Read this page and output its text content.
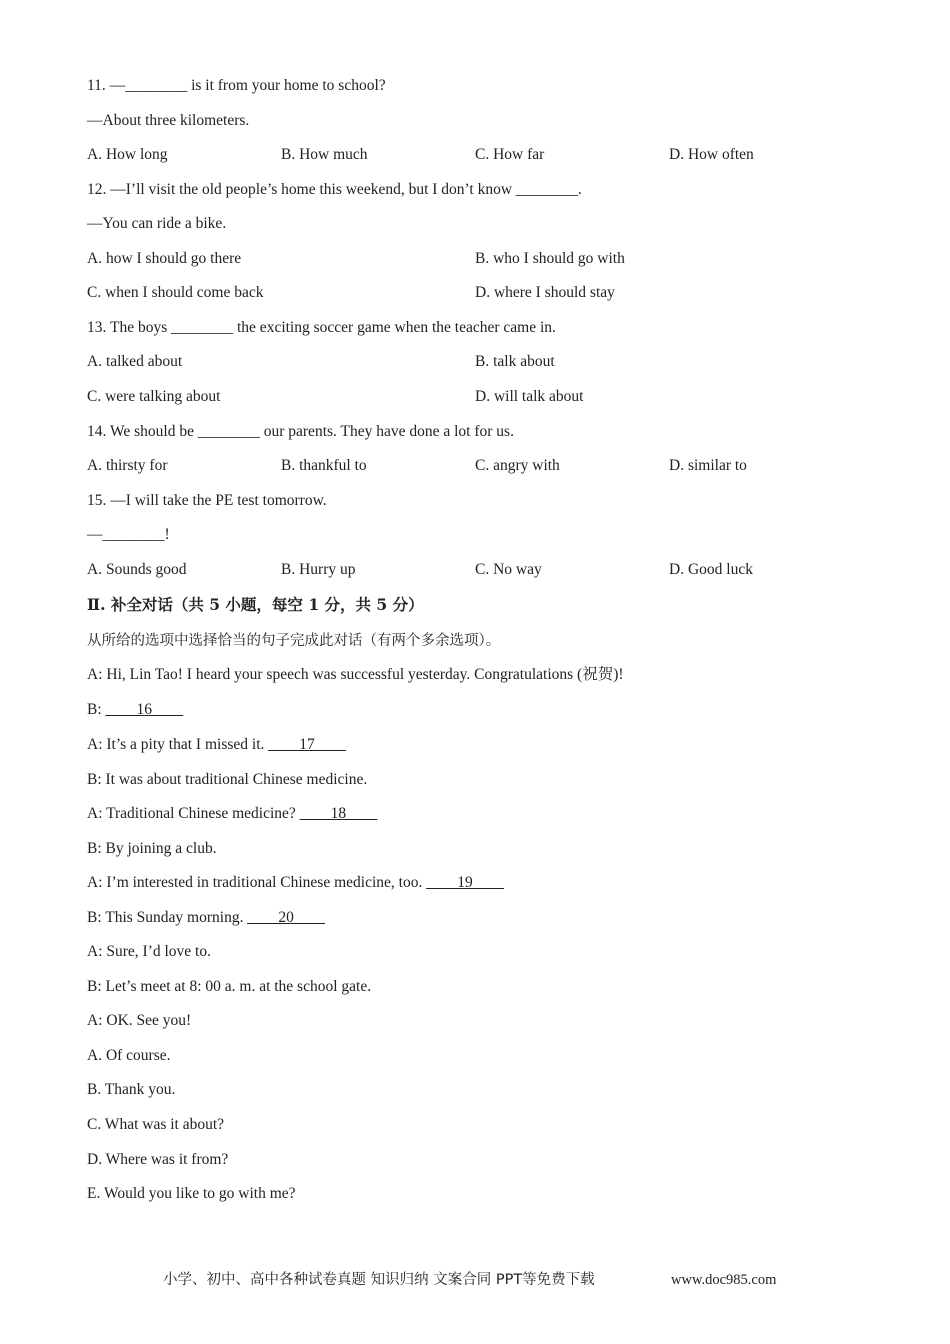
11. —________ is it from your home to school?
—About three kilometers.
A. How long	B. How much	C. How far	D. How often
12. —I’ll visit the old people’s home this weekend, but I don’t know ________.
—You can ride a bike.
A. how I should go there	B. who I should go with
C. when I should come back	D. where I should stay
13. The boys ________ the exciting soccer game when the teacher came in.
A. talked about	B. talk about
C. were talking about	D. will talk about
14. We should be ________ our parents. They have done a lot for us.
A. thirsty for	B. thankful to	C. angry with	D. similar to
15. —I will take the PE test tomorrow.
—________!
A. Sounds good	B. Hurry up	C. No way	D. Good luck
Ⅱ. 补全对话（共 5 小题，每空 1 分，共 5 分）
从所给的选项中选择恰当的句子完成此对话（有两个多余选项）。
A: Hi, Lin Tao! I heard your speech was successful yesterday. Congratulations (祝贺)!
B: ____16____
A: It’s a pity that I missed it. ____17____
B: It was about traditional Chinese medicine.
A: Traditional Chinese medicine? ____18____
B: By joining a club.
A: I’m interested in traditional Chinese medicine, too. ____19____
B: This Sunday morning. ____20____
A: Sure, I’d love to.
B: Let’s meet at 8: 00 a. m. at the school gate.
A: OK. See you!
A. Of course.
B. Thank you.
C. What was it about?
D. Where was it from?
E. Would you like to go with me?
小学、初中、高中各种试卷真题 知识归纳 文案合同 PPT等免费下载	www.doc985.com
